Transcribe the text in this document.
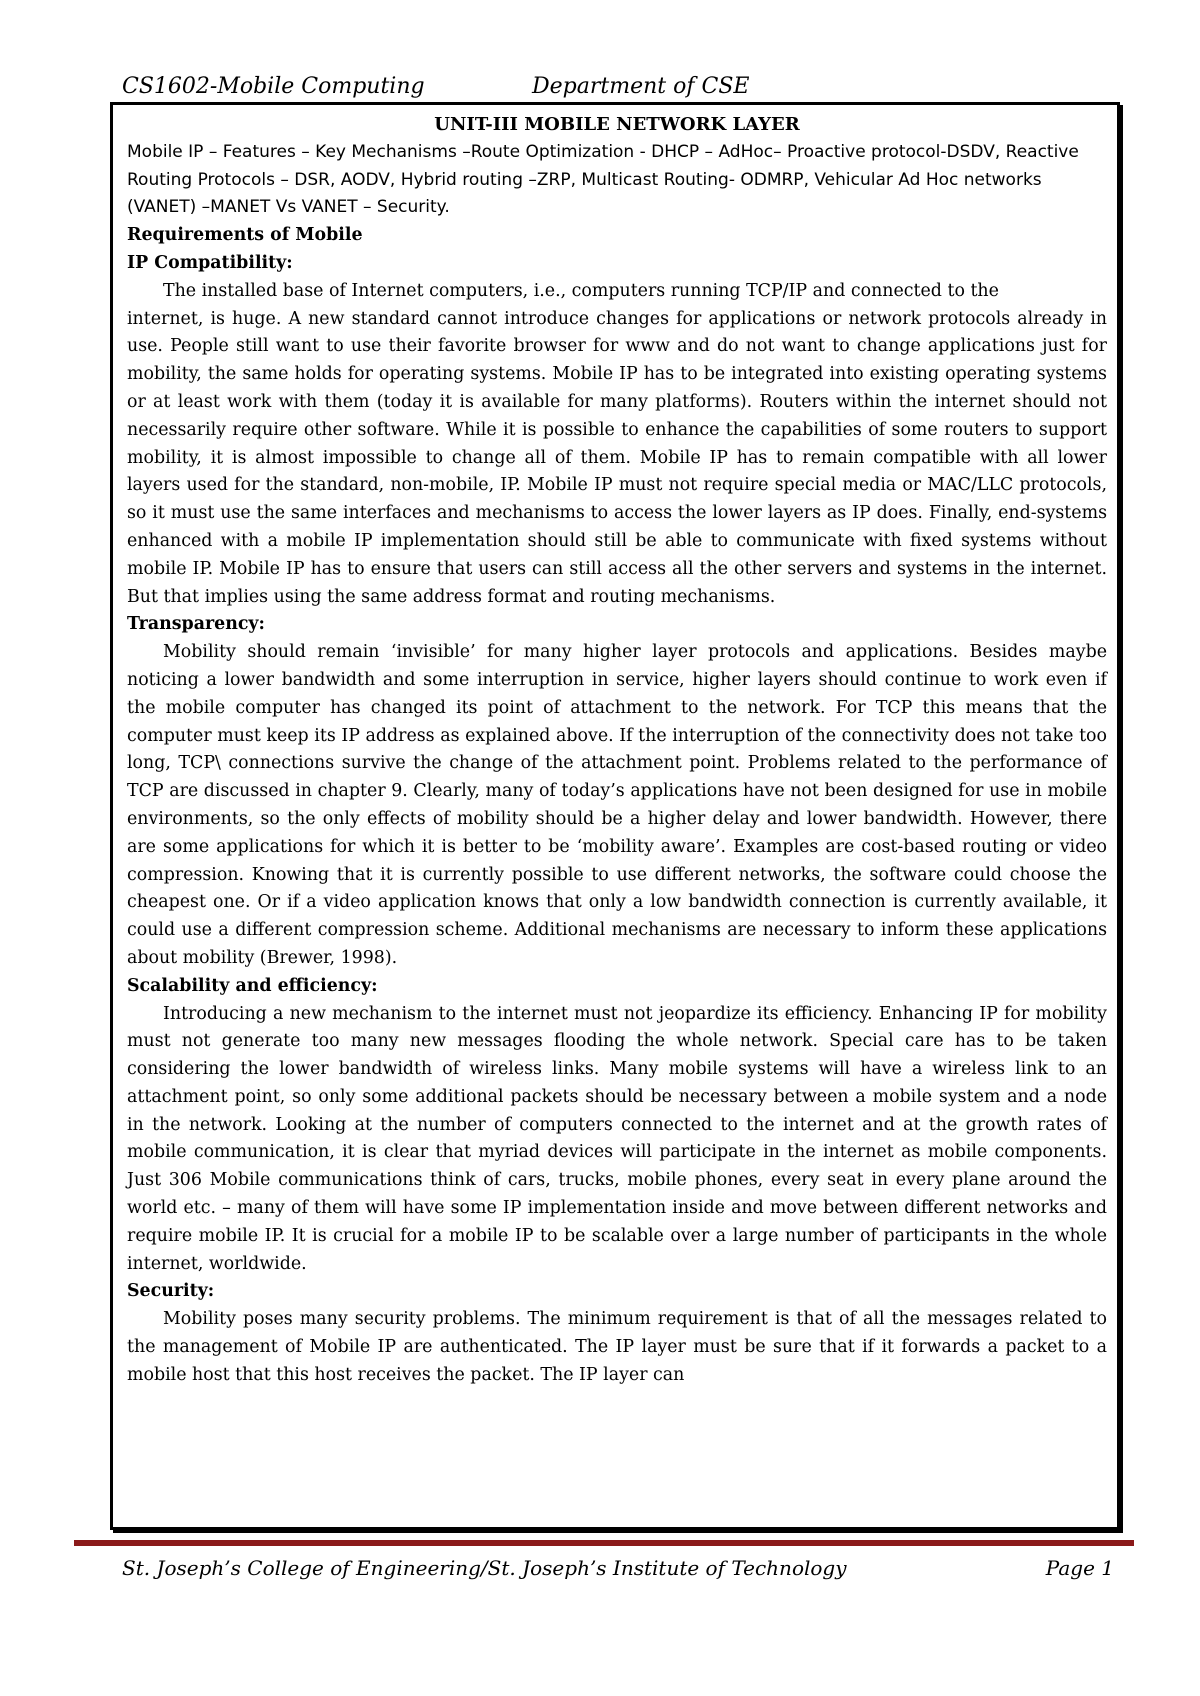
CS1602-Mobile Computing	Department of CSE

UNIT-III MOBILE NETWORK LAYER

Mobile IP – Features – Key Mechanisms –Route Optimization - DHCP – AdHoc– Proactive protocol-DSDV, Reactive Routing Protocols – DSR, AODV, Hybrid routing –ZRP, Multicast Routing- ODMRP, Vehicular Ad Hoc networks (VANET) –MANET Vs VANET – Security.

Requirements of Mobile

IP Compatibility:

The installed base of Internet computers, i.e., computers running TCP/IP and connected to the

internet, is huge. A new standard cannot introduce changes for applications or network protocols already in use. People still want to use their favorite browser for www and do not want to change applications just for mobility, the same holds for operating systems. Mobile IP has to be integrated into existing operating systems or at least work with them (today it is available for many platforms). Routers within the internet should not necessarily require other software. While it is possible to enhance the capabilities of some routers to support mobility, it is almost impossible to change all of them. Mobile IP has to remain compatible with all lower layers used for the standard, non-mobile, IP. Mobile IP must not require special media or MAC/LLC protocols, so it must use the same interfaces and mechanisms to access the lower layers as IP does. Finally, end-systems enhanced with a mobile IP implementation should still be able to communicate with fixed systems without mobile IP. Mobile IP has to ensure that users can still access all the other servers and systems in the internet. But that implies using the same address format and routing mechanisms.

Transparency:

Mobility should remain ‘invisible’ for many higher layer protocols and applications. Besides maybe noticing a lower bandwidth and some interruption in service, higher layers should continue to work even if the mobile computer has changed its point of attachment to the network. For TCP this means that the computer must keep its IP address as explained above. If the interruption of the connectivity does not take too long, TCP\ connections survive the change of the attachment point. Problems related to the performance of TCP are discussed in chapter 9. Clearly, many of today’s applications have not been designed for use in mobile environments, so the only effects of mobility should be a higher delay and lower bandwidth. However, there are some applications for which it is better to be ‘mobility aware’. Examples are cost-based routing or video compression. Knowing that it is currently possible to use different networks, the software could choose the cheapest one. Or if a video application knows that only a low bandwidth connection is currently available, it could use a different compression scheme. Additional mechanisms are necessary to inform these applications about mobility (Brewer, 1998).

Scalability and efficiency:

Introducing a new mechanism to the internet must not jeopardize its efficiency. Enhancing IP for mobility must not generate too many new messages flooding the whole network. Special care has to be taken considering the lower bandwidth of wireless links. Many mobile systems will have a wireless link to an attachment point, so only some additional packets should be necessary between a mobile system and a node in the network. Looking at the number of computers connected to the internet and at the growth rates of mobile communication, it is clear that myriad devices will participate in the internet as mobile components. Just 306 Mobile communications think of cars, trucks, mobile phones, every seat in every plane around the world etc. – many of them will have some IP implementation inside and move between different networks and require mobile IP. It is crucial for a mobile IP to be scalable over a large number of participants in the whole internet, worldwide.

Security:

Mobility poses many security problems. The minimum requirement is that of all the messages related to the management of Mobile IP are authenticated. The IP layer must be sure that if it forwards a packet to a mobile host that this host receives the packet. The IP layer can

St. Joseph’s College of Engineering/St. Joseph’s Institute of Technology	Page 1
